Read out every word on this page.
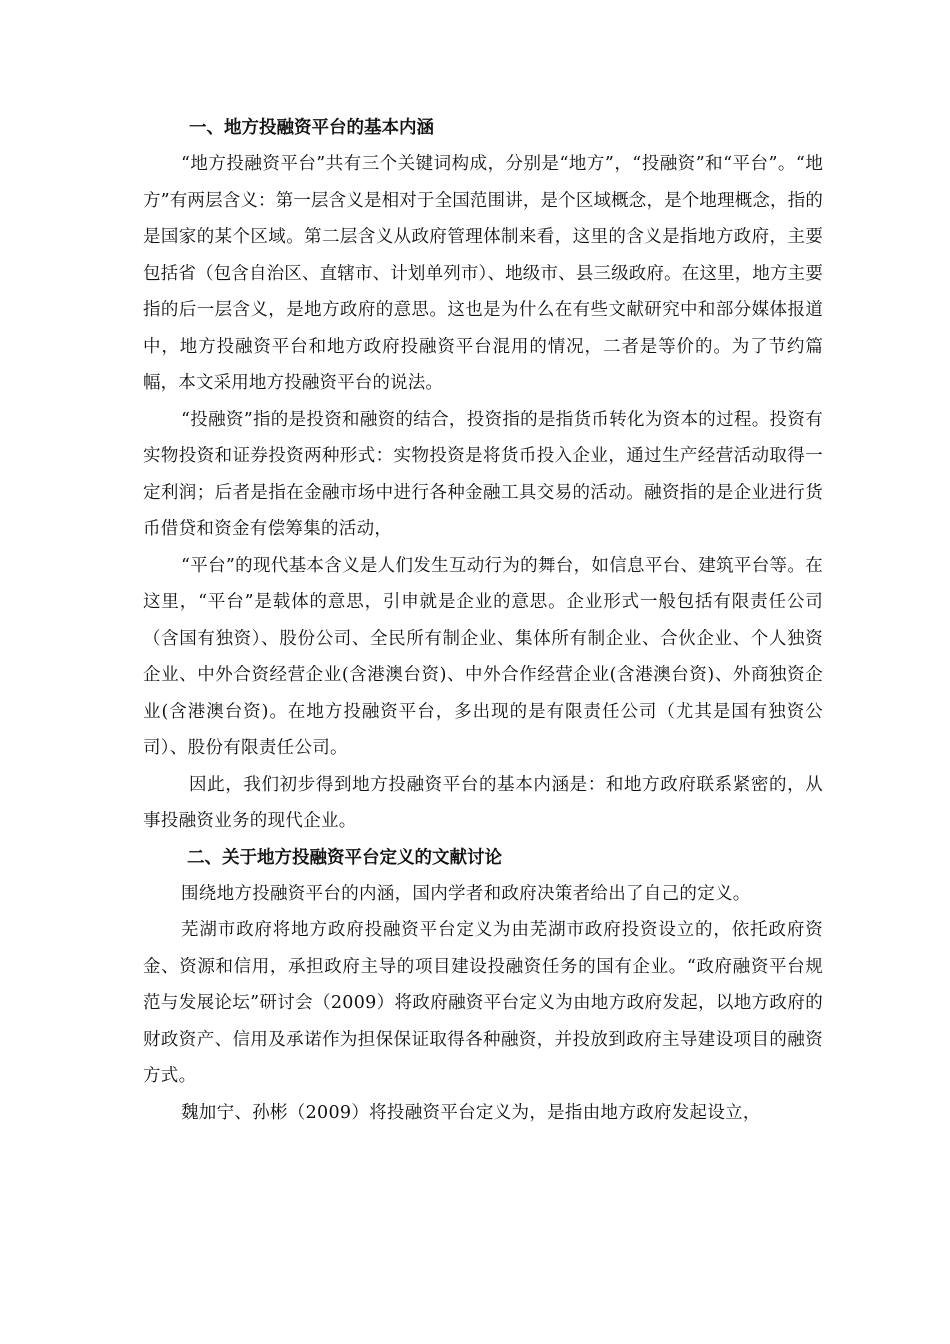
一、地方投融资平台的基本内涵

“地方投融资平台”共有三个关键词构成，分别是“地方”，“投融资”和“平台”。“地方”有两层含义：第一层含义是相对于全国范围讲，是个区域概念，是个地理概念，指的是国家的某个区域。第二层含义从政府管理体制来看，这里的含义是指地方政府，主要包括省（包含自治区、直辖市、计划单列市）、地级市、县三级政府。在这里，地方主要指的后一层含义，是地方政府的意思。这也是为什么在有些文献研究中和部分媒体报道中，地方投融资平台和地方政府投融资平台混用的情况，二者是等价的。为了节约篇幅，本文采用地方投融资平台的说法。

“投融资”指的是投资和融资的结合，投资指的是指货币转化为资本的过程。投资有实物投资和证券投资两种形式：实物投资是将货币投入企业，通过生产经营活动取得一定利润；后者是指在金融市场中进行各种金融工具交易的活动。融资指的是企业进行货币借贷和资金有偿筹集的活动，

“平台”的现代基本含义是人们发生互动行为的舞台，如信息平台、建筑平台等。在这里，“平台”是载体的意思，引申就是企业的意思。企业形式一般包括有限责任公司（含国有独资）、股份公司、全民所有制企业、集体所有制企业、合伙企业、个人独资企业、中外合资经营企业(含港澳台资)、中外合作经营企业(含港澳台资)、外商独资企业(含港澳台资)。在地方投融资平台，多出现的是有限责任公司（尤其是国有独资公司）、股份有限责任公司。

因此，我们初步得到地方投融资平台的基本内涵是：和地方政府联系紧密的，从事投融资业务的现代企业。

二、关于地方投融资平台定义的文献讨论

围绕地方投融资平台的内涵，国内学者和政府决策者给出了自己的定义。

芜湖市政府将地方政府投融资平台定义为由芜湖市政府投资设立的，依托政府资金、资源和信用，承担政府主导的项目建设投融资任务的国有企业。“政府融资平台规范与发展论坛”研讨会（2009）将政府融资平台定义为由地方政府发起，以地方政府的财政资产、信用及承诺作为担保保证取得各种融资，并投放到政府主导建设项目的融资方式。

魏加宁、孙彬（2009）将投融资平台定义为，是指由地方政府发起设立，
